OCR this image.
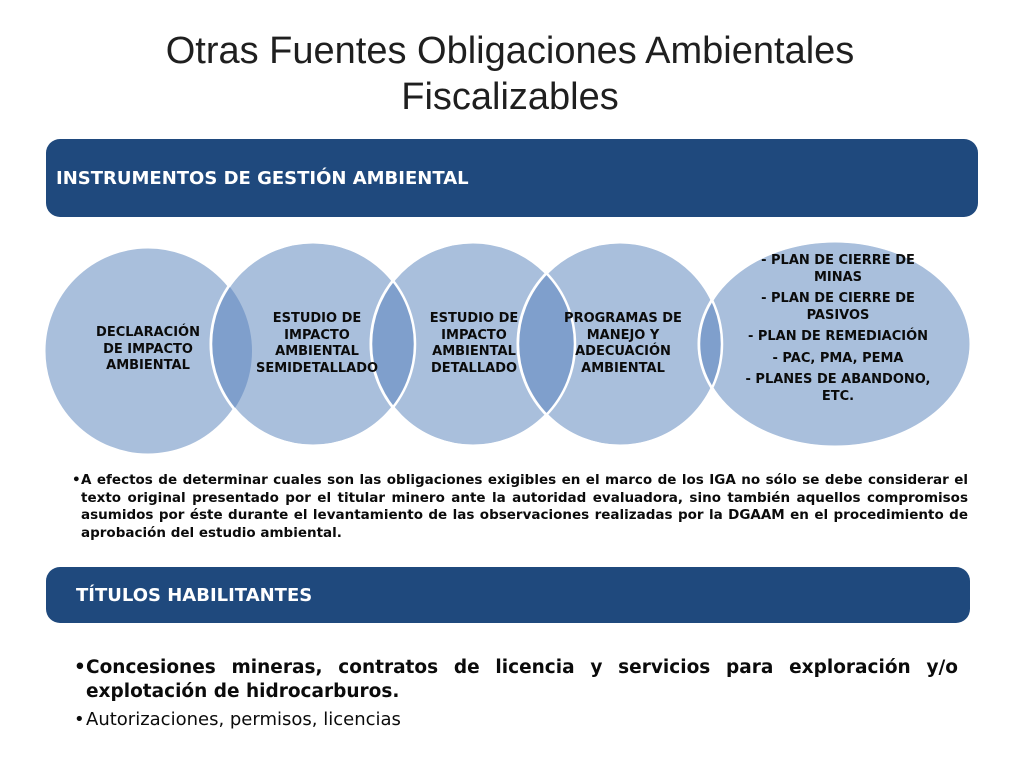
Otras Fuentes Obligaciones Ambientales
Fiscalizables
INSTRUMENTOS DE GESTIÓN AMBIENTAL
DECLARACIÓN DE IMPACTO AMBIENTAL
ESTUDIO DE IMPACTO AMBIENTAL SEMIDETALLADO
ESTUDIO DE IMPACTO AMBIENTAL DETALLADO
PROGRAMAS DE MANEJO Y ADECUACIÓN AMBIENTAL
- PLAN DE CIERRE DE MINAS
- PLAN DE CIERRE DE PASIVOS
- PLAN DE REMEDIACIÓN
- PAC, PMA, PEMA
- PLANES DE ABANDONO, ETC.
• A efectos de determinar cuales son las obligaciones exigibles en el marco de los IGA no sólo se debe considerar el texto original presentado por el titular minero ante la autoridad evaluadora, sino también aquellos compromisos asumidos por éste durante el levantamiento de las observaciones realizadas por la DGAAM en el procedimiento de aprobación del estudio ambiental.
TÍTULOS HABILITANTES
• Concesiones mineras, contratos de licencia y servicios para exploración y/o explotación de hidrocarburos.
• Autorizaciones, permisos, licencias
